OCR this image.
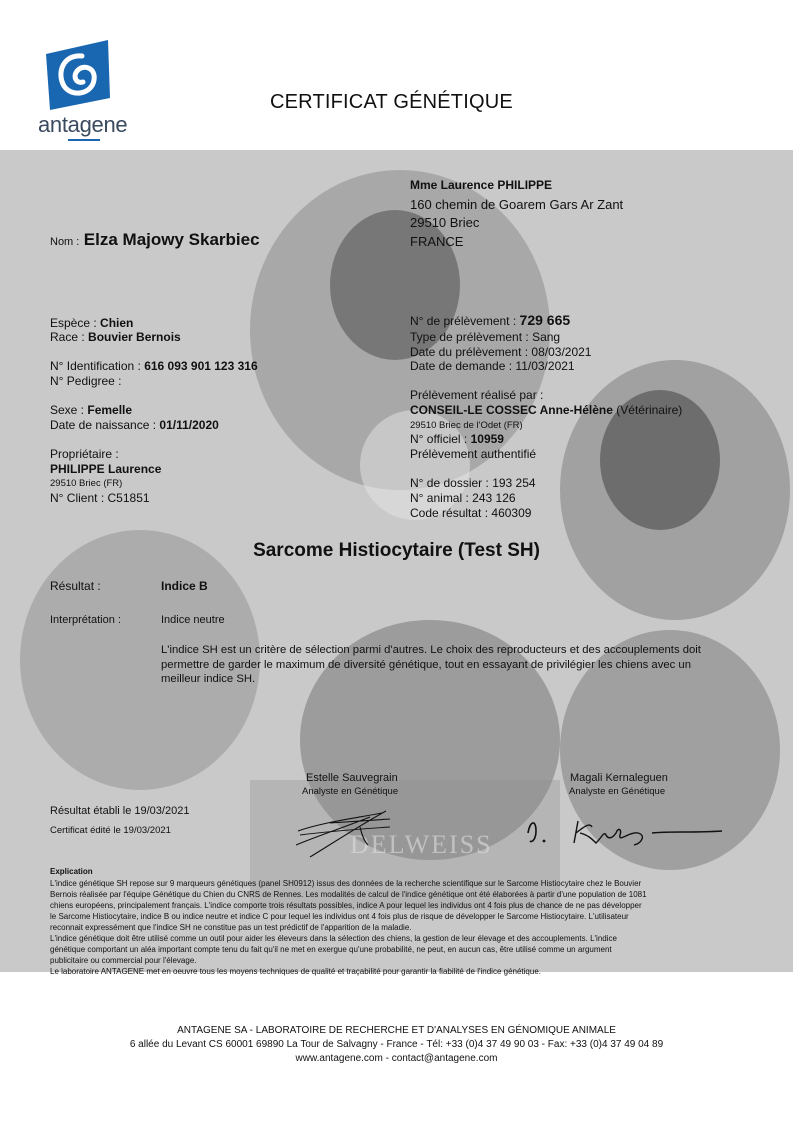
DELWEISS
antagene
CERTIFICAT GÉNÉTIQUE
Mme Laurence PHILIPPE
160 chemin de Goarem Gars Ar Zant
29510 Briec
FRANCE
Nom : Elza Majowy Skarbiec
Espèce : Chien
Race : Bouvier Bernois
N° Identification : 616 093 901 123 316
N° Pedigree :
Sexe : Femelle
Date de naissance : 01/11/2020
Propriétaire :
PHILIPPE Laurence
29510 Briec (FR)
N° Client : C51851
N° de prélèvement : 729 665
Type de prélèvement : Sang
Date du prélèvement : 08/03/2021
Date de demande : 11/03/2021
Prélèvement réalisé par :
CONSEIL-LE COSSEC Anne-Hélène (Vétérinaire)
29510 Briec de l'Odet (FR)
N° officiel : 10959
Prélèvement authentifié
N° de dossier : 193 254
N° animal : 243 126
Code résultat : 460309
Sarcome Histiocytaire (Test SH)
Résultat :	Indice B
Interprétation :	Indice neutre
L'indice SH est un critère de sélection parmi d'autres. Le choix des reproducteurs et des accouplements doit
permettre de garder le maximum de diversité génétique, tout en essayant de privilégier les chiens avec un
meilleur indice SH.
Estelle Sauvegrain
Analyste en Génétique
Magali Kernaleguen
Analyste en Génétique
Résultat établi le 19/03/2021
Certificat édité le 19/03/2021
Explication
L'indice génétique SH repose sur 9 marqueurs génétiques (panel SH0912) issus des données de la recherche scientifique sur le Sarcome Histiocytaire chez le Bouvier
Bernois réalisée par l'équipe Génétique du Chien du CNRS de Rennes. Les modalités de calcul de l'indice génétique ont été élaborées à partir d'une population de 1081
chiens européens, principalement français. L'indice comporte trois résultats possibles, indice A pour lequel les individus ont 4 fois plus de chance de ne pas développer
le Sarcome Histiocytaire, indice B ou indice neutre et indice C pour lequel les individus ont 4 fois plus de risque de développer le Sarcome Histiocytaire. L'utilisateur
reconnait expressément que l'indice SH ne constitue pas un test prédictif de l'apparition de la maladie.
L'indice génétique doit être utilisé comme un outil pour aider les éleveurs dans la sélection des chiens, la gestion de leur élevage et des accouplements. L'indice
génétique comportant un aléa important compte tenu du fait qu'il ne met en exergue qu'une probabilité, ne peut, en aucun cas, être utilisé comme un argument
publicitaire ou commercial pour l'élevage.
Le laboratoire ANTAGENE met en oeuvre tous les moyens techniques de qualité et traçabilité pour garantir la fiabilité de l'indice génétique.
ANTAGENE SA - LABORATOIRE DE RECHERCHE ET D'ANALYSES EN GÉNOMIQUE ANIMALE
6 allée du Levant CS 60001 69890 La Tour de Salvagny - France - Tél: +33 (0)4 37 49 90 03 - Fax: +33 (0)4 37 49 04 89
www.antagene.com - contact@antagene.com
